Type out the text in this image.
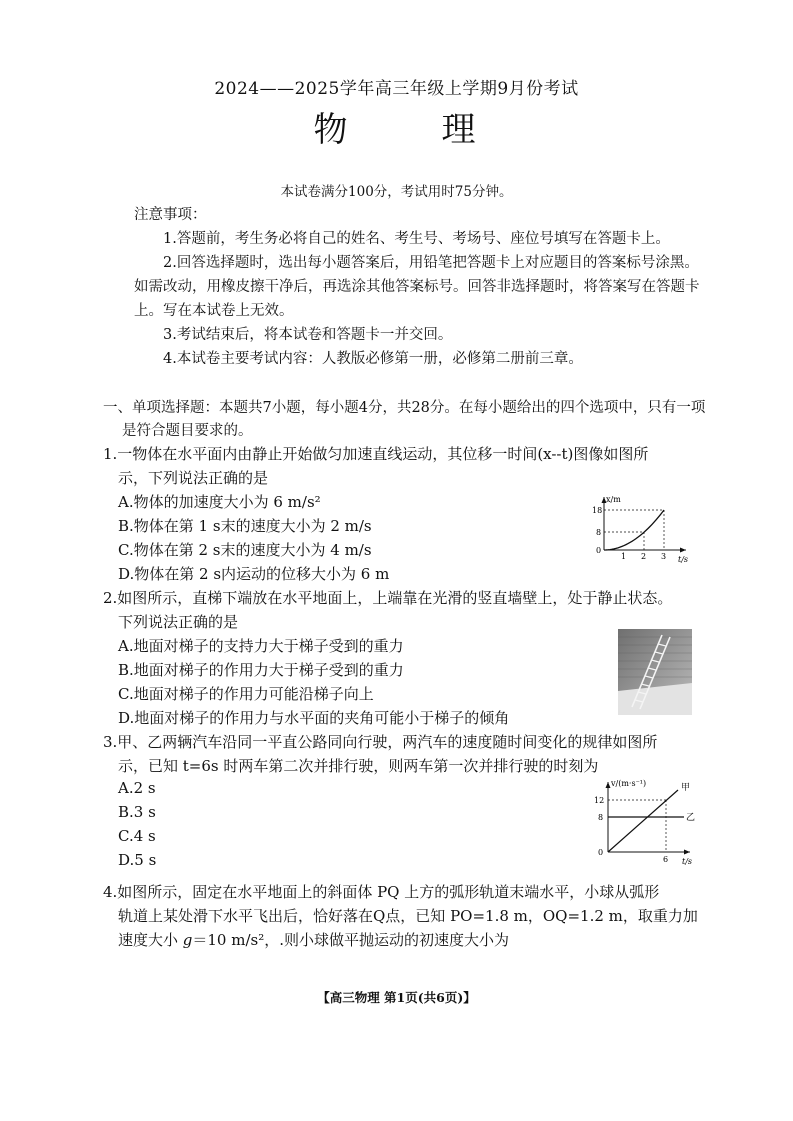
2024——2025学年高三年级上学期9月份考试
物	理
本试卷满分100分，考试用时75分钟。
注意事项：
1.答题前，考生务必将自己的姓名、考生号、考场号、座位号填写在答题卡上。
2.回答选择题时，选出每小题答案后，用铅笔把答题卡上对应题目的答案标号涂黑。
如需改动，用橡皮擦干净后，再选涂其他答案标号。回答非选择题时，将答案写在答题卡
上。写在本试卷上无效。
3.考试结束后，将本试卷和答题卡一并交回。
4.本试卷主要考试内容：人教版必修第一册，必修第二册前三章。
一、单项选择题：本题共7小题，每小题4分，共28分。在每小题给出的四个选项中，只有一项
是符合题目要求的。
1.一物体在水平面内由静止开始做匀加速直线运动，其位移一时间(x--t)图像如图所
示，下列说法正确的是
A.物体的加速度大小为 6 m/s²
B.物体在第 1 s末的速度大小为 2 m/s
C.物体在第 2 s末的速度大小为 4 m/s
D.物体在第 2 s内运动的位移大小为 6 m
x/m
t/s
18
8
0
1 2 3
2.如图所示，直梯下端放在水平地面上，上端靠在光滑的竖直墙壁上，处于静止状态。
下列说法正确的是
A.地面对梯子的支持力大于梯子受到的重力
B.地面对梯子的作用力大于梯子受到的重力
C.地面对梯子的作用力可能沿梯子向上
D.地面对梯子的作用力与水平面的夹角可能小于梯子的倾角
3.甲、乙两辆汽车沿同一平直公路同向行驶，两汽车的速度随时间变化的规律如图所
示，已知 t=6s 时两车第二次并排行驶，则两车第一次并排行驶的时刻为
A.2 s
B.3 s
C.4 s
D.5 s
v/(m·s⁻¹)
t/s
12
8
0
6
甲
乙
4.如图所示，固定在水平地面上的斜面体 PQ 上方的弧形轨道末端水平，小球从弧形
轨道上某处滑下水平飞出后，恰好落在Q点，已知 PO=1.8 m，OQ=1.2 m，取重力加
速度大小 g＝10 m/s²，.则小球做平抛运动的初速度大小为
【高三物理 第1页(共6页)】
